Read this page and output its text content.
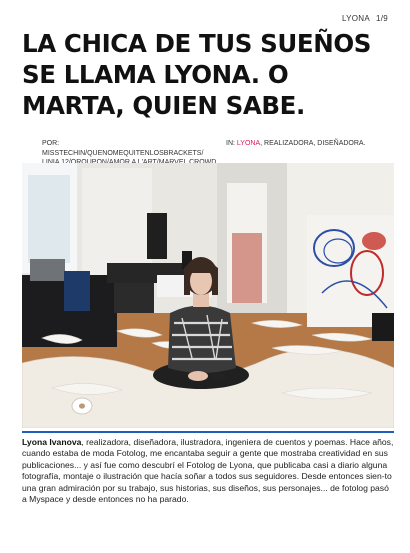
LYONA 1/9
LA CHICA DE TUS SUEÑOS SE LLAMA LYONA. O MARTA, QUIEN SABE.
POR: MISSTECHIN/QUENOMEQUITENLOSBRACKETS/
IN: LYONA, REALIZADORA, DISEÑADORA.

Lyona Ivanova, realizadora, diseñadora, ilustradora, ingeniera de cuentos y poemas. Hace años, cuando estaba de moda Fotolog, me encantaba seguir a gente que mostraba creatividad en sus publicaciones... y así fue como descubrí el Fotolog de Lyona, que publicaba casi a diario alguna fotografía, montaje o ilustración que hacía soñar a todos sus seguidores. Desde entonces sien-to una gran admiración por su trabajo, sus historias, sus diseños, sus personajes... de fotolog pasó a Myspace y desde entonces no ha parado.
